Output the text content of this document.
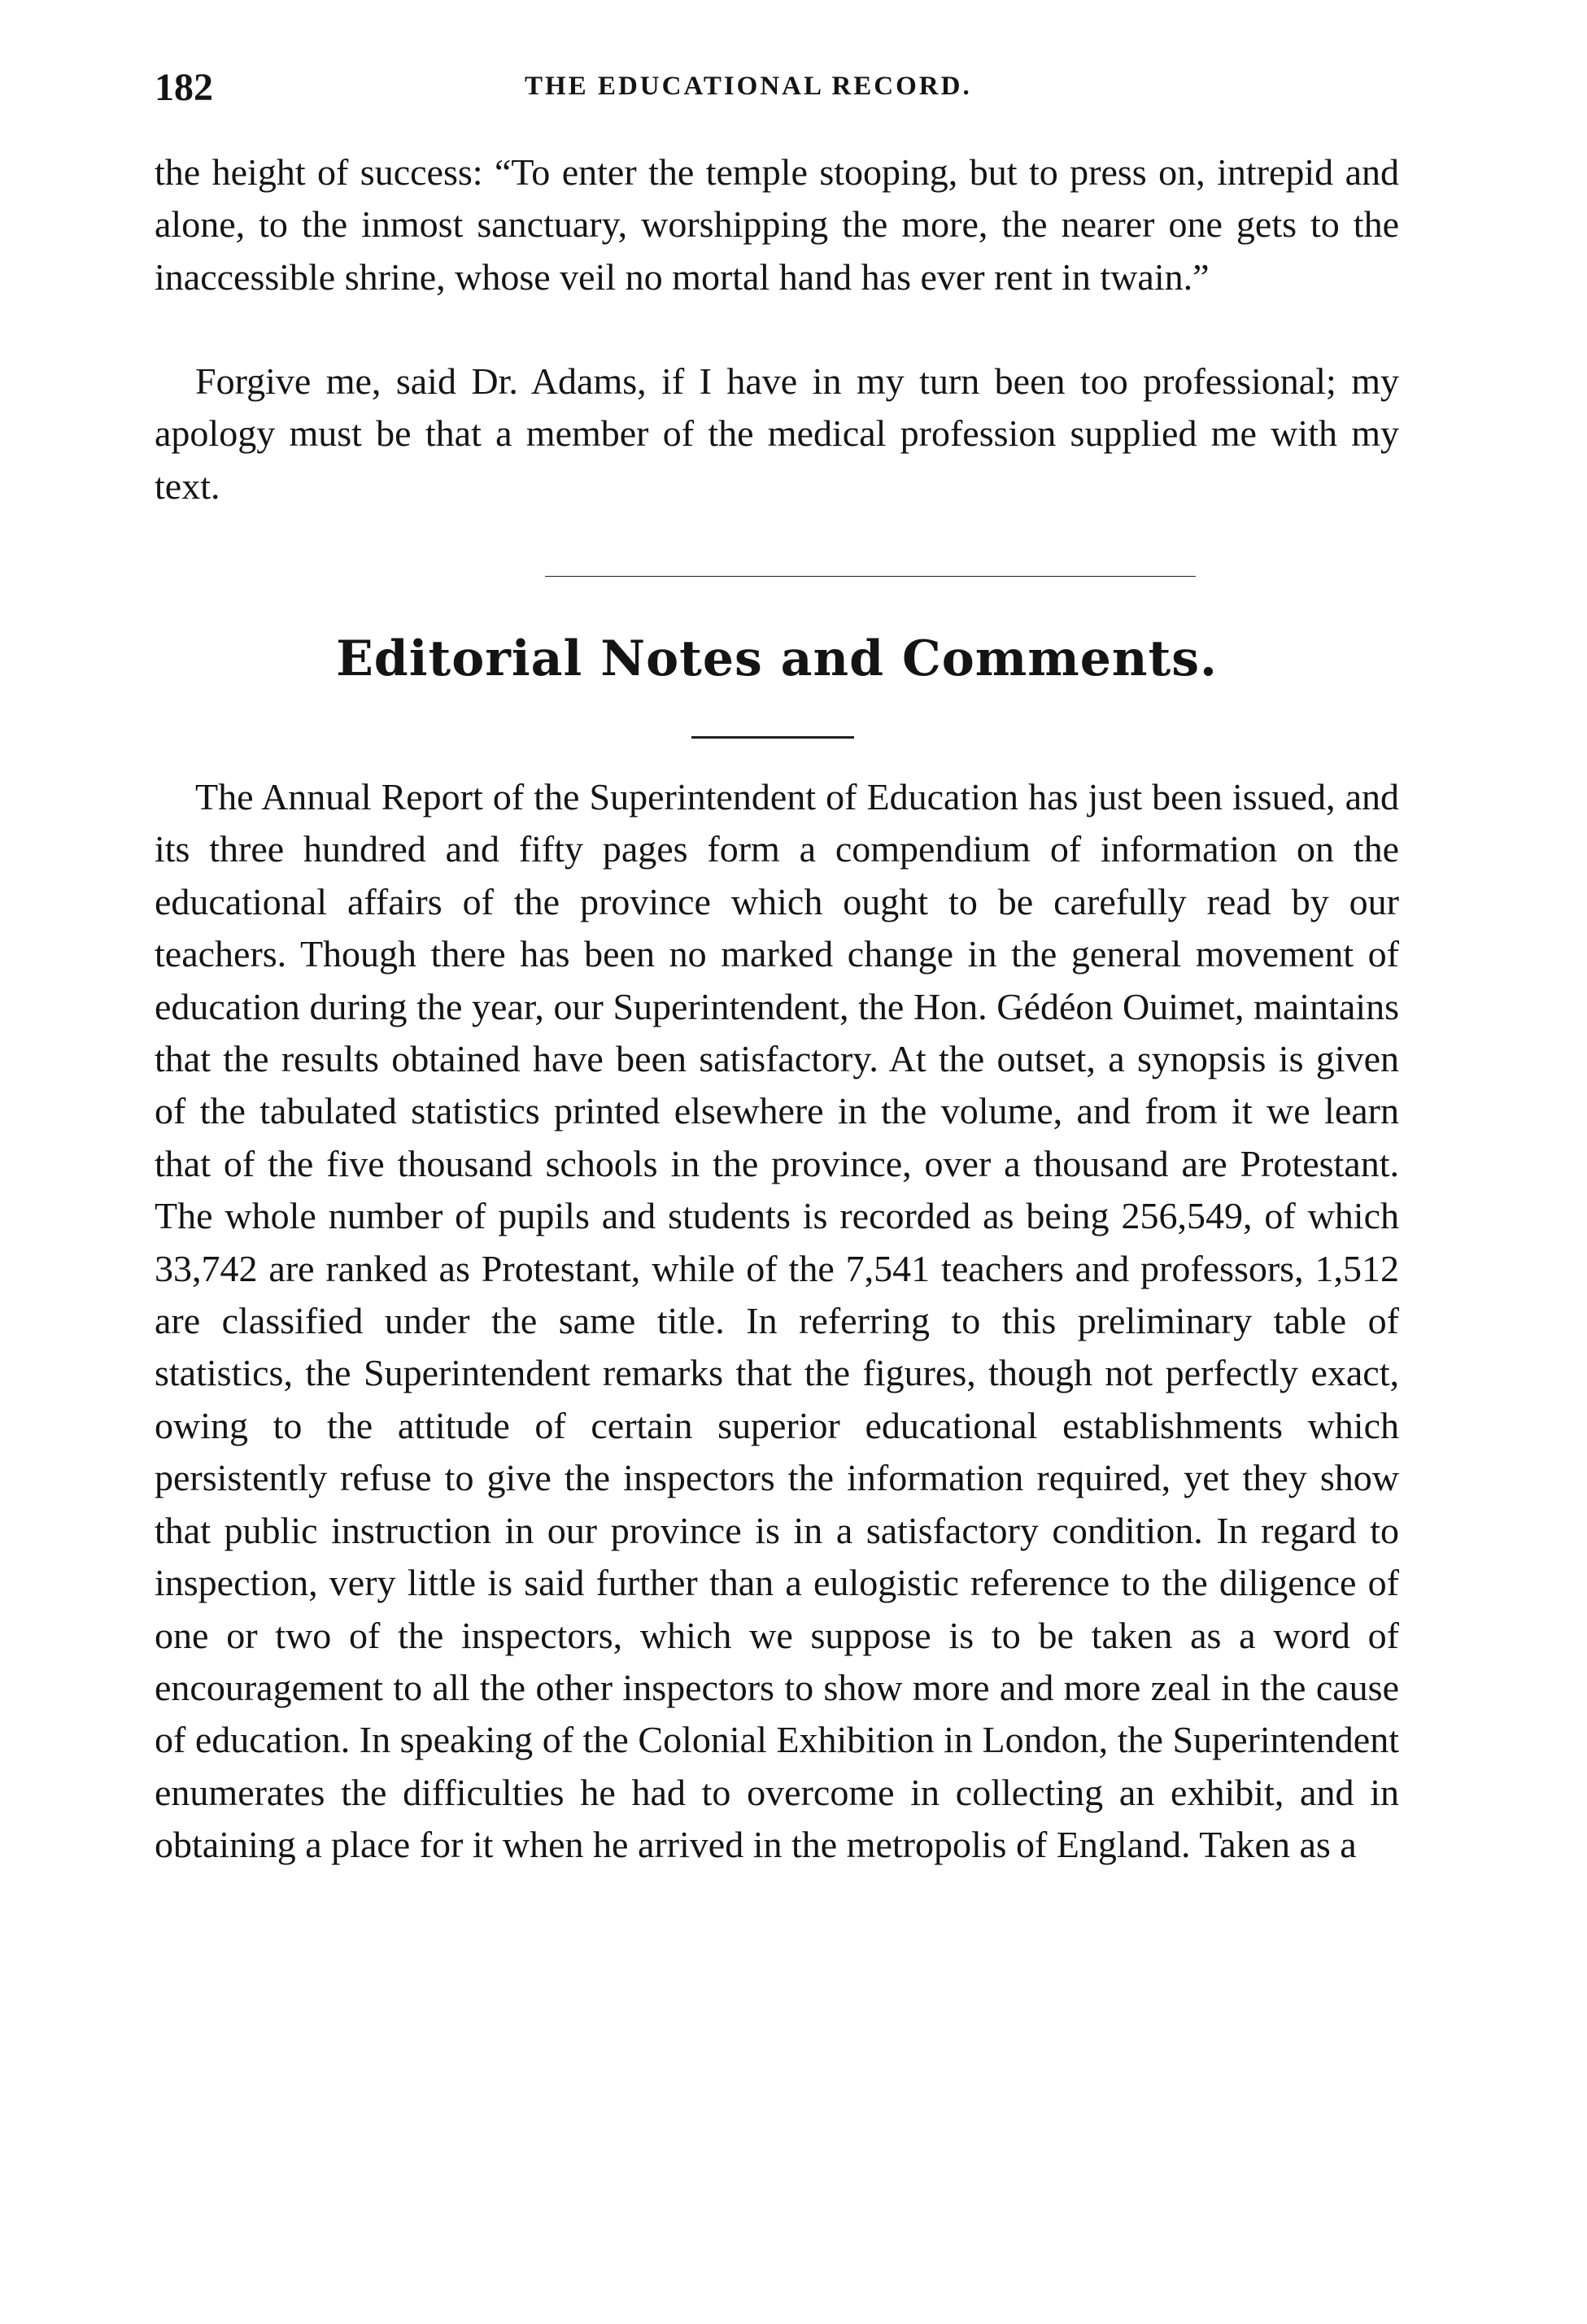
182	THE EDUCATIONAL RECORD.

the height of success: “To enter the temple stooping, but to press on, intrepid and alone, to the inmost sanctuary, worshipping the more, the nearer one gets to the inaccessible shrine, whose veil no mortal hand has ever rent in twain.”

Forgive me, said Dr. Adams, if I have in my turn been too professional; my apology must be that a member of the medical profession supplied me with my text.

Editorial Notes and Comments.

The Annual Report of the Superintendent of Education has just been issued, and its three hundred and fifty pages form a compendium of information on the educational affairs of the province which ought to be carefully read by our teachers. Though there has been no marked change in the general movement of education during the year, our Superintendent, the Hon. Gédéon Ouimet, maintains that the results obtained have been satisfactory. At the outset, a synopsis is given of the tabulated statistics printed elsewhere in the volume, and from it we learn that of the five thousand schools in the province, over a thousand are Protestant. The whole number of pupils and students is recorded as being 256,549, of which 33,742 are ranked as Protestant, while of the 7,541 teachers and professors, 1,512 are classified under the same title. In referring to this preliminary table of statistics, the Superintendent remarks that the figures, though not perfectly exact, owing to the attitude of certain superior educational establishments which persistently refuse to give the inspectors the information required, yet they show that public instruction in our province is in a satisfactory condition. In regard to inspection, very little is said further than a eulogistic reference to the diligence of one or two of the inspectors, which we suppose is to be taken as a word of encouragement to all the other inspectors to show more and more zeal in the cause of education. In speaking of the Colonial Exhibition in London, the Superintendent enumerates the difficulties he had to overcome in collecting an exhibit, and in obtaining a place for it when he arrived in the metropolis of England. Taken as a
